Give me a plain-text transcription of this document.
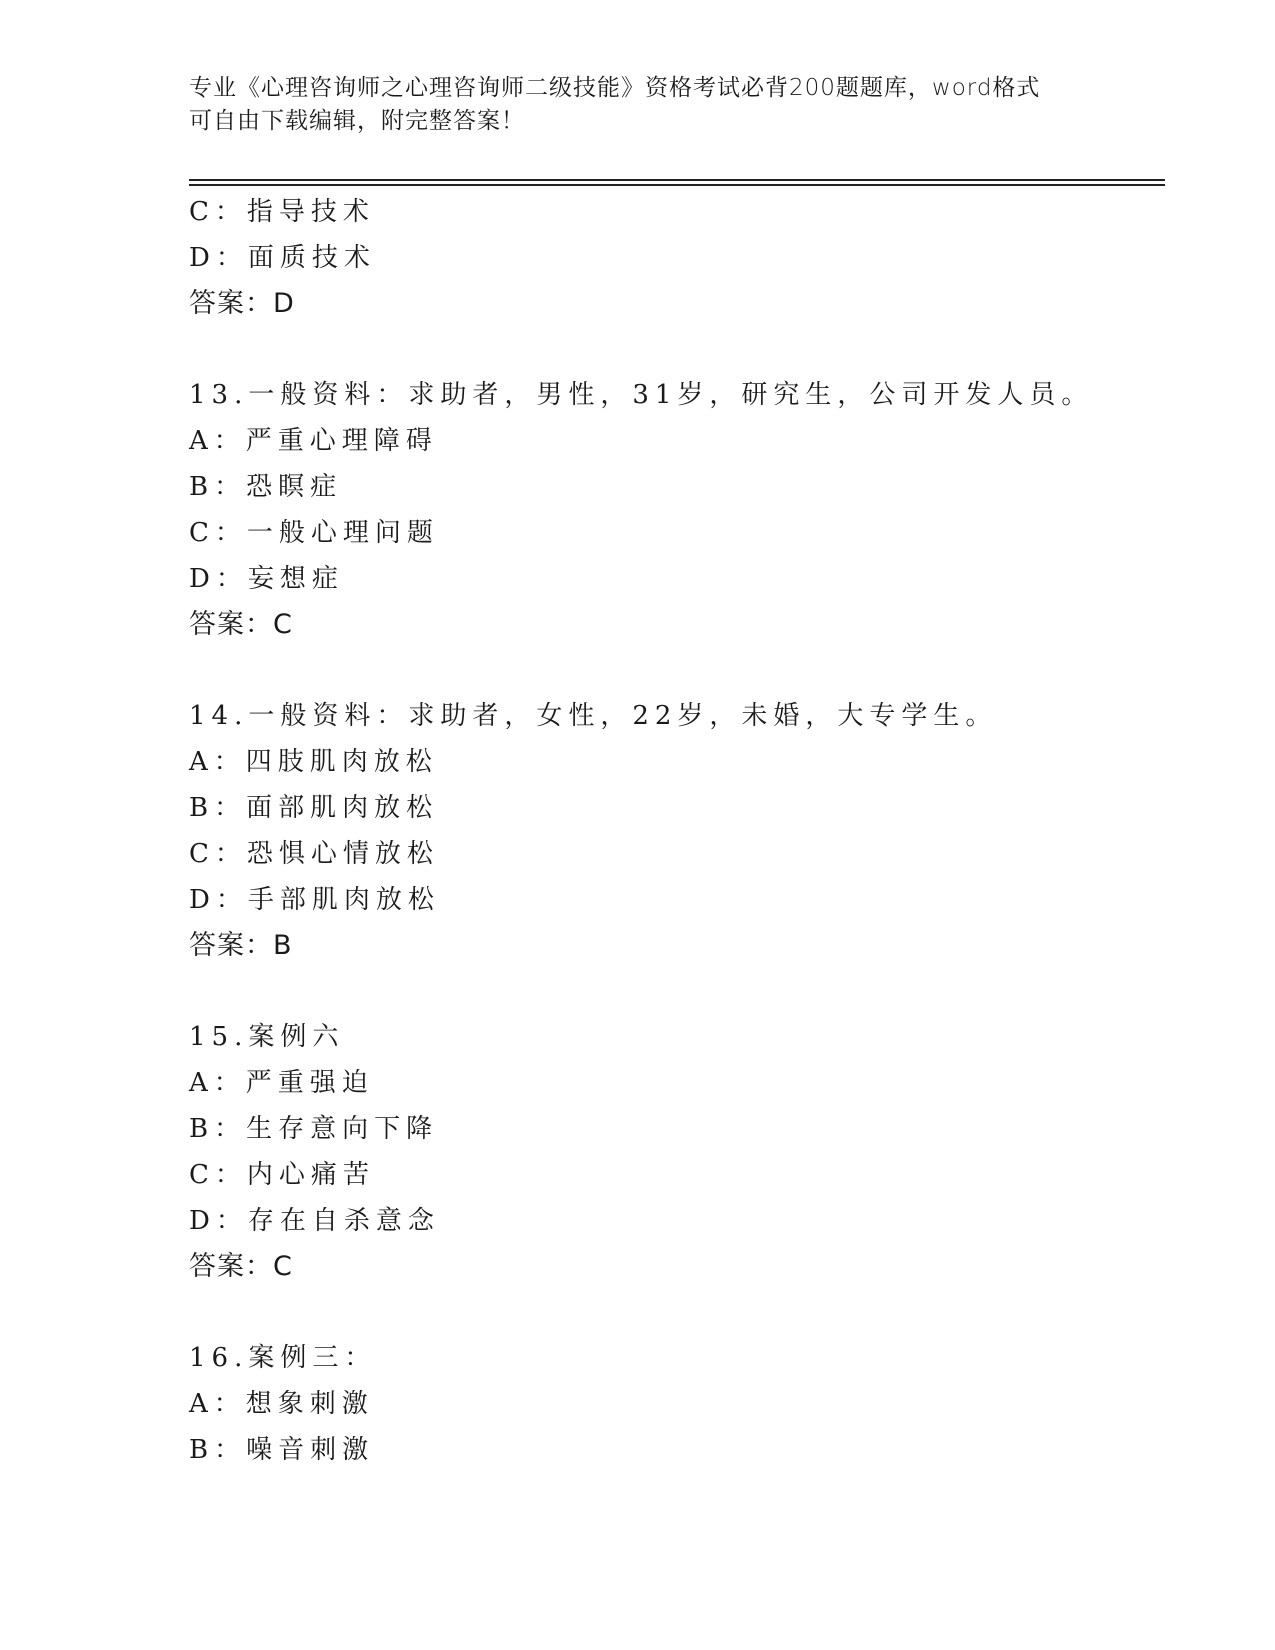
专业《心理咨询师之心理咨询师二级技能》资格考试必背200题题库，word格式
可自由下载编辑，附完整答案！
C：指导技术
D：面质技术
答案：D
13.一般资料：求助者，男性，31岁，研究生，公司开发人员。
A：严重心理障碍
B：恐瞑症
C：一般心理问题
D：妄想症
答案：C
14.一般资料：求助者，女性，22岁，未婚，大专学生。
A：四肢肌肉放松
B：面部肌肉放松
C：恐惧心情放松
D：手部肌肉放松
答案：B
15.案例六
A：严重强迫
B：生存意向下降
C：内心痛苦
D：存在自杀意念
答案：C
16.案例三：
A：想象刺激
B：噪音刺激
